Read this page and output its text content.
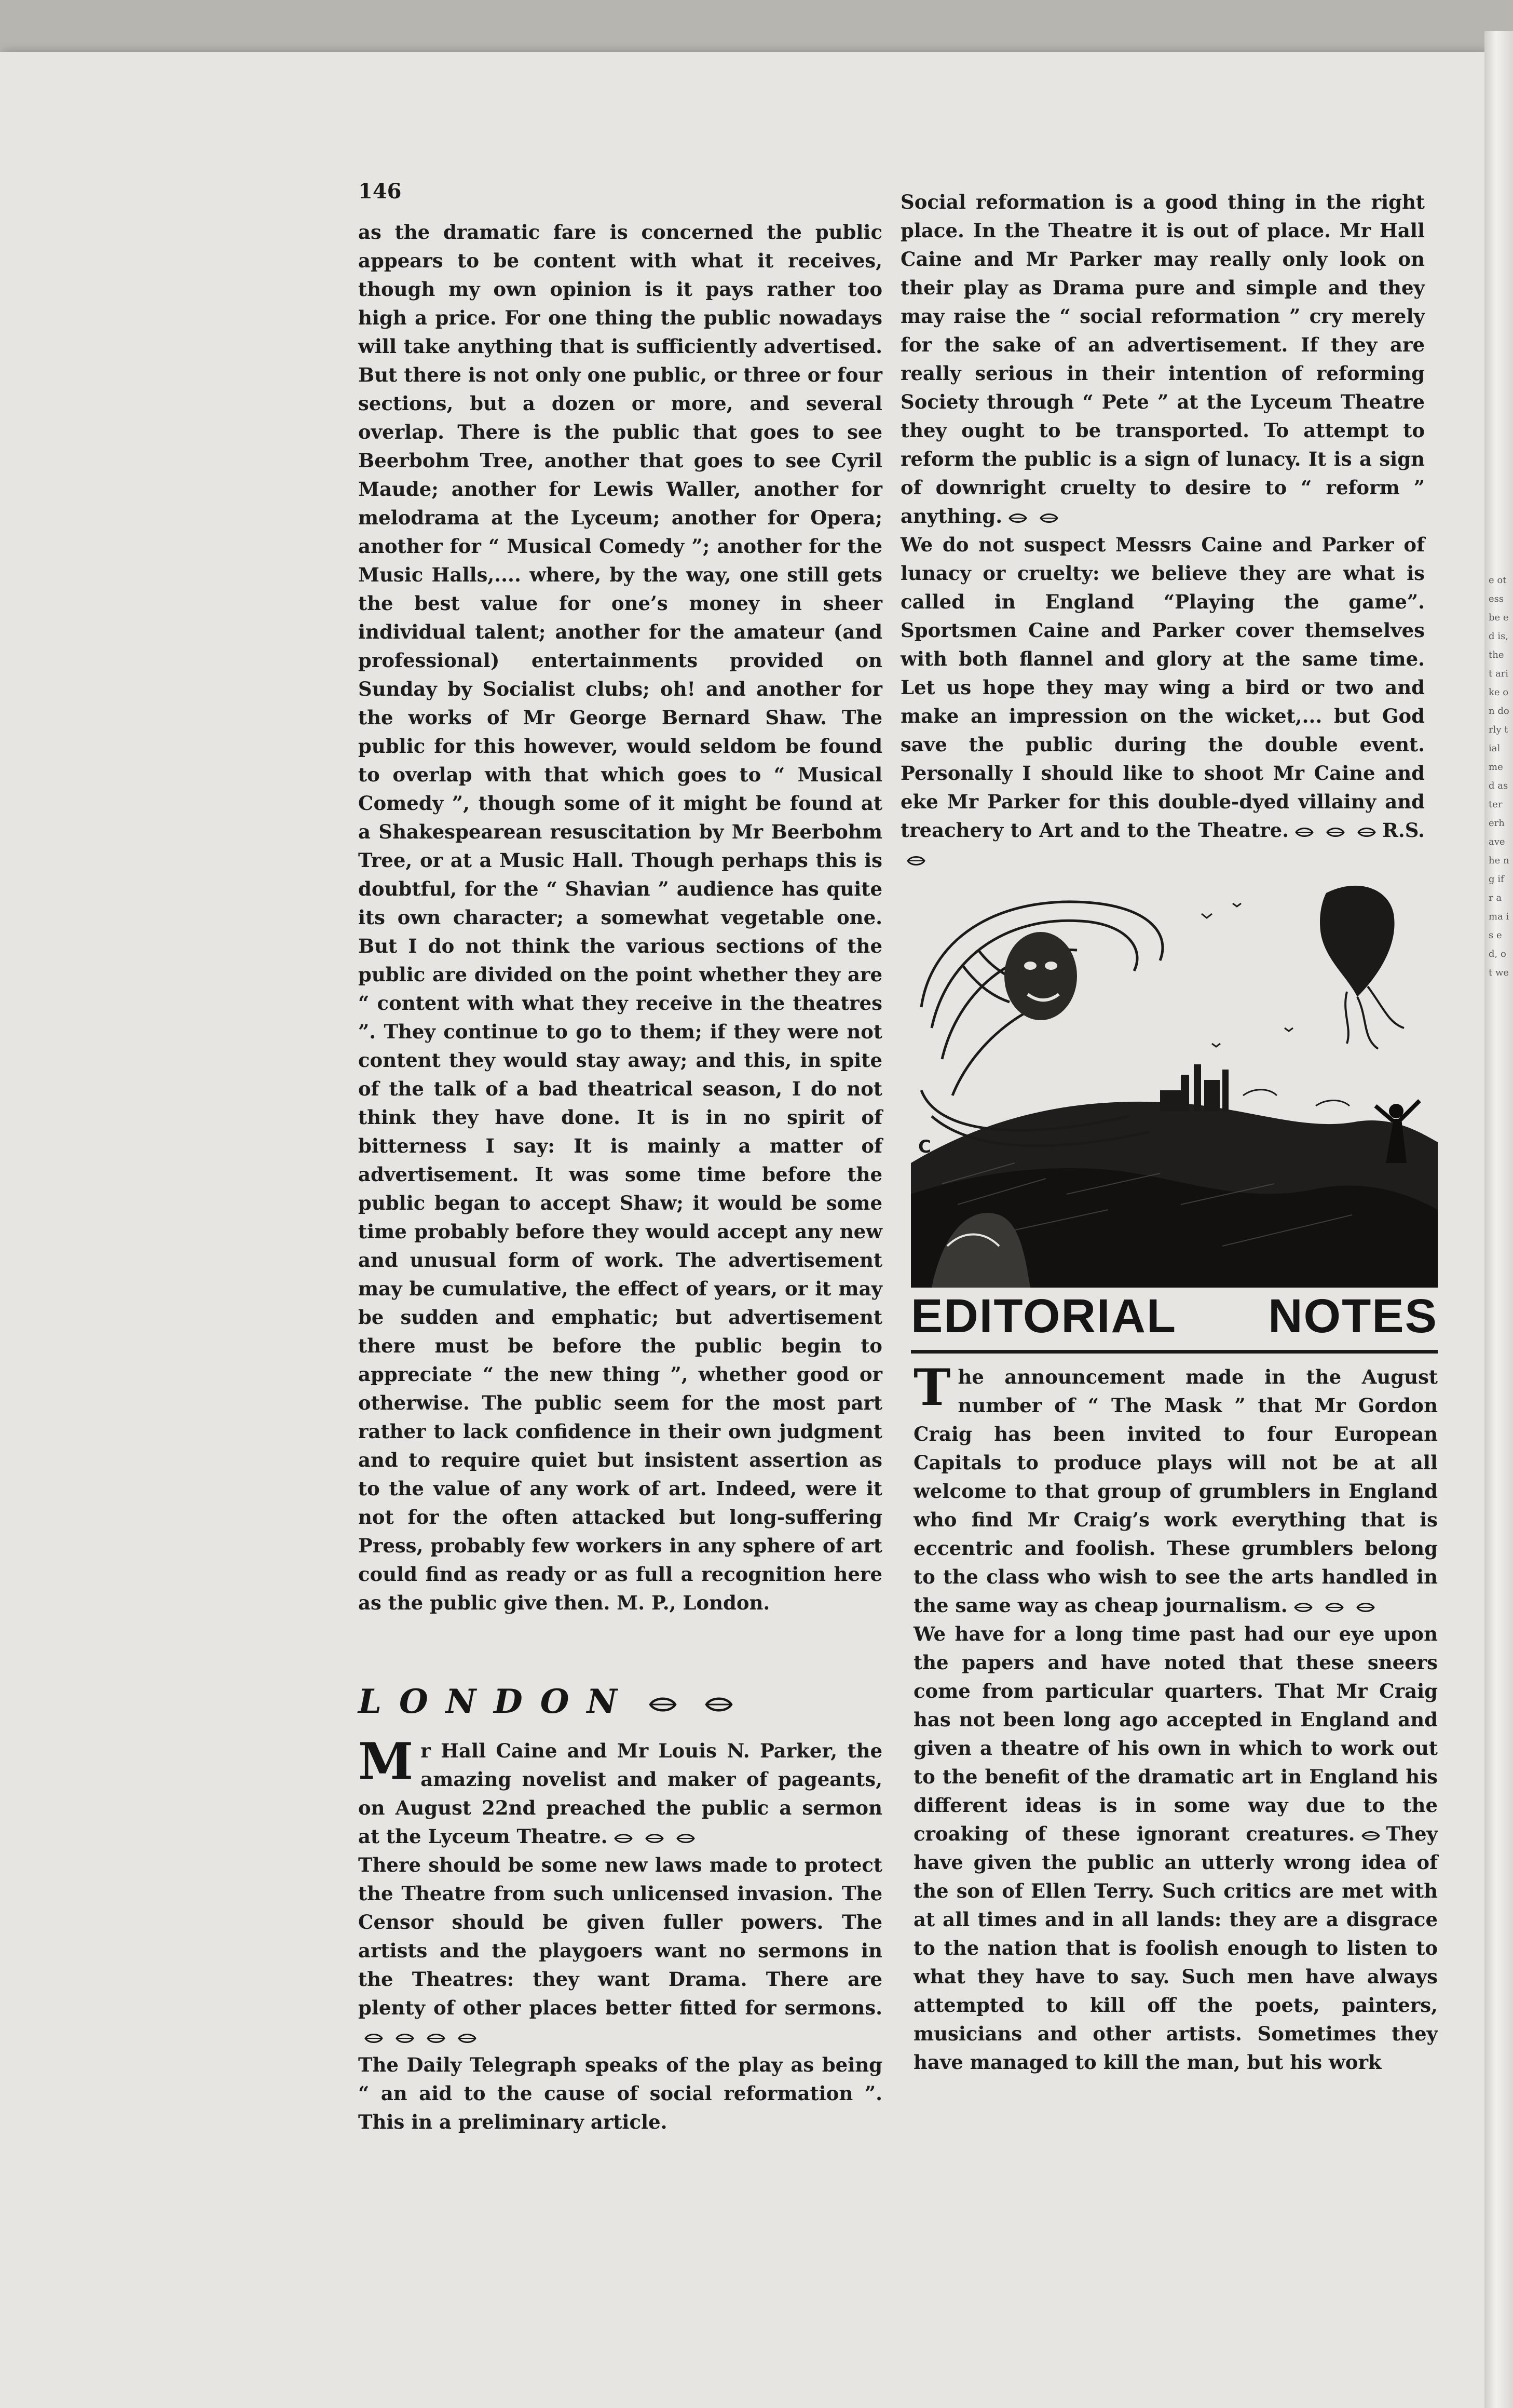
e ot ess be ed is, the t ari ke on do rly tial me d as ter erh ave he ng if r a ma is ed, ot we
146

as the dramatic fare is concerned the public appears to be content with what it receives, though my own opinion is it pays rather too high a price. For one thing the public nowadays will take anything that is sufficiently advertised. But there is not only one public, or three or four sections, but a dozen or more, and several overlap. There is the public that goes to see Beerbohm Tree, another that goes to see Cyril Maude; another for Lewis Waller, another for melodrama at the Lyceum; another for Opera; another for “ Musical Comedy ”; another for the Music Halls,.... where, by the way, one still gets the best value for one’s money in sheer individual talent; another for the amateur (and professional) entertainments provided on Sunday by Socialist clubs; oh! and another for the works of Mr George Bernard Shaw. The public for this however, would seldom be found to overlap with that which goes to “ Musical Comedy ”, though some of it might be found at a Shakespearean resuscitation by Mr Beerbohm Tree, or at a Music Hall. Though perhaps this is doubtful, for the “ Shavian ” audience has quite its own character; a somewhat vegetable one. But I do not think the various sections of the public are divided on the point whether they are “ content with what they receive in the theatres ”. They continue to go to them; if they were not content they would stay away; and this, in spite of the talk of a bad theatrical season, I do not think they have done. It is in no spirit of bitterness I say: It is mainly a matter of advertisement. It was some time before the public began to accept Shaw; it would be some time probably before they would accept any new and unusual form of work. The advertisement may be cumulative, the effect of years, or it may be sudden and emphatic; but advertisement there must be before the public begin to appreciate “ the new thing ”, whether good or otherwise. The public seem for the most part rather to lack confidence in their own judgment and to require quiet but insistent assertion as to the value of any work of art. Indeed, were it not for the often attacked but long-suffering Press, probably few workers in any sphere of art could find as ready or as full a recognition here as the public give then. M. P., London.

LONDON

Mr Hall Caine and Mr Louis N. Parker, the amazing novelist and maker of pageants, on August 22nd preached the public a sermon at the Lyceum Theatre.

There should be some new laws made to protect the Theatre from such unlicensed invasion. The Censor should be given fuller powers. The artists and the playgoers want no sermons in the Theatres: they want Drama. There are plenty of other places better fitted for sermons.

The Daily Telegraph speaks of the play as being “ an aid to the cause of social reformation ”. This in a preliminary article.

Social reformation is a good thing in the right place. In the Theatre it is out of place. Mr Hall Caine and Mr Parker may really only look on their play as Drama pure and simple and they may raise the “ social reformation ” cry merely for the sake of an advertisement. If they are really serious in their intention of reforming Society through “ Pete ” at the Lyceum Theatre they ought to be transported. To attempt to reform the public is a sign of lunacy. It is a sign of downright cruelty to desire to “ reform ” anything.

We do not suspect Messrs Caine and Parker of lunacy or cruelty: we believe they are what is called in England “Playing the game”. Sportsmen Caine and Parker cover themselves with both flannel and glory at the same time. Let us hope they may wing a bird or two and make an impression on the wicket,... but God save the public during the double event. Personally I should like to shoot Mr Caine and eke Mr Parker for this double-dyed villainy and treachery to Art and to the Theatre.	R.S.

C
EDITORIAL NOTES

The announcement made in the August number of “ The Mask ” that Mr Gordon Craig has been invited to four European Capitals to produce plays will not be at all welcome to that group of grumblers in England who find Mr Craig’s work everything that is eccentric and foolish. These grumblers belong to the class who wish to see the arts handled in the same way as cheap journalism.

We have for a long time past had our eye upon the papers and have noted that these sneers come from particular quarters. That Mr Craig has not been long ago accepted in England and given a theatre of his own in which to work out to the benefit of the dramatic art in England his different ideas is in some way due to the croaking of these ignorant creatures. They have given the public an utterly wrong idea of the son of Ellen Terry. Such critics are met with at all times and in all lands: they are a disgrace to the nation that is foolish enough to listen to what they have to say. Such men have always attempted to kill off the poets, painters, musicians and other artists. Sometimes they have managed to kill the man, but his work
